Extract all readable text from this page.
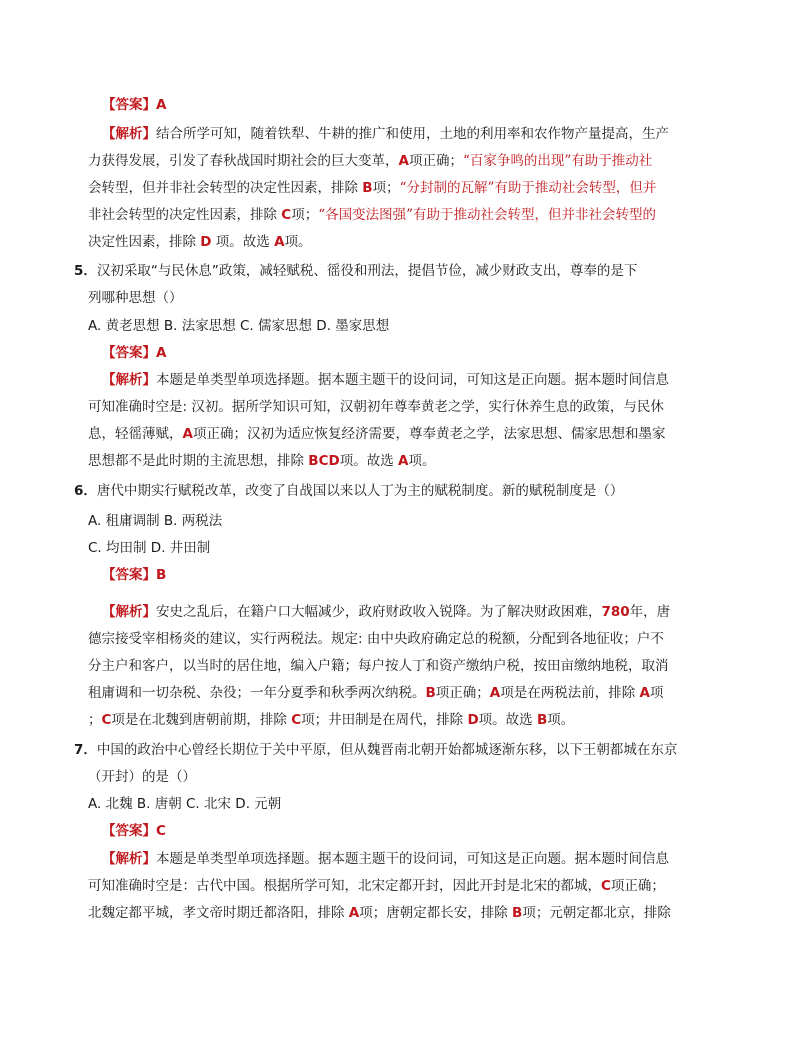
【答案】A
【解析】结合所学可知，随着铁犁、牛耕的推广和使用，土地的利用率和农作物产量提高，生产
力获得发展，引发了春秋战国时期社会的巨大变革，A项正确；“百家争鸣的出现”有助于推动社
会转型，但并非社会转型的决定性因素，排除 B项；“分封制的瓦解”有助于推动社会转型，但并
非社会转型的决定性因素，排除 C项；“各国变法图强”有助于推动社会转型，但并非社会转型的
决定性因素，排除 D 项。故选 A项。
5．汉初采取“与民休息”政策，减轻赋税、徭役和刑法，提倡节俭，减少财政支出，尊奉的是下
列哪种思想（）
A. 黄老思想 B. 法家思想 C. 儒家思想 D. 墨家思想
【答案】A
【解析】本题是单类型单项选择题。据本题主题干的设问词，可知这是正向题。据本题时间信息
可知准确时空是: 汉初。据所学知识可知，汉朝初年尊奉黄老之学，实行休养生息的政策，与民休
息，轻徭薄赋，A项正确；汉初为适应恢复经济需要，尊奉黄老之学，法家思想、儒家思想和墨家
思想都不是此时期的主流思想，排除 BCD项。故选 A项。
6．唐代中期实行赋税改革，改变了自战国以来以人丁为主的赋税制度。新的赋税制度是（）
A. 租庸调制 B. 两税法
C. 均田制 D. 井田制
【答案】B
【解析】安史之乱后，在籍户口大幅减少，政府财政收入锐降。为了解决财政困难，780年，唐
德宗接受宰相杨炎的建议，实行两税法。规定: 由中央政府确定总的税额，分配到各地征收；户不
分主户和客户，以当时的居住地，编入户籍；每户按人丁和资产缴纳户税，按田亩缴纳地税，取消
租庸调和一切杂税、杂役；一年分夏季和秋季两次纳税。B项正确；A项是在两税法前，排除 A项
；C项是在北魏到唐朝前期，排除 C项；井田制是在周代，排除 D项。故选 B项。
7．中国的政治中心曾经长期位于关中平原，但从魏晋南北朝开始都城逐渐东移，以下王朝都城在东京
（开封）的是（）
A. 北魏 B. 唐朝 C. 北宋 D. 元朝
【答案】C
【解析】本题是单类型单项选择题。据本题主题干的设问词，可知这是正向题。据本题时间信息
可知准确时空是：古代中国。根据所学可知，北宋定都开封，因此开封是北宋的都城，C项正确；
北魏定都平城，孝文帝时期迁都洛阳，排除 A项；唐朝定都长安，排除 B项；元朝定都北京，排除
